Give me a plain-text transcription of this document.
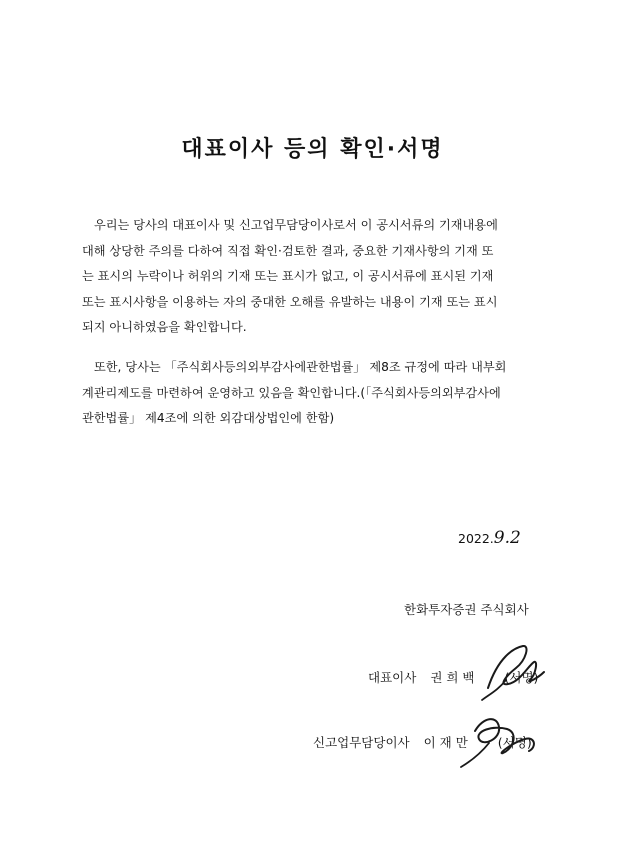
대표이사 등의 확인·서명

우리는 당사의 대표이사 및 신고업무담당이사로서 이 공시서류의 기재내용에
대해 상당한 주의를 다하여 직접 확인·검토한 결과, 중요한 기재사항의 기재 또
는 표시의 누락이나 허위의 기재 또는 표시가 없고, 이 공시서류에 표시된 기재
또는 표시사항을 이용하는 자의 중대한 오해를 유발하는 내용이 기재 또는 표시
되지 아니하였음을 확인합니다.

또한, 당사는 「주식회사등의외부감사에관한법률」 제8조 규정에 따라 내부회
계관리제도를 마련하여 운영하고 있음을 확인합니다.(「주식회사등의외부감사에
관한법률」 제4조에 의한 외감대상법인에 한함)

2022.9.2
한화투자증권 주식회사
대표이사 권 희 백 (서명)
신고업무담당이사 이 재 만 (서명)
